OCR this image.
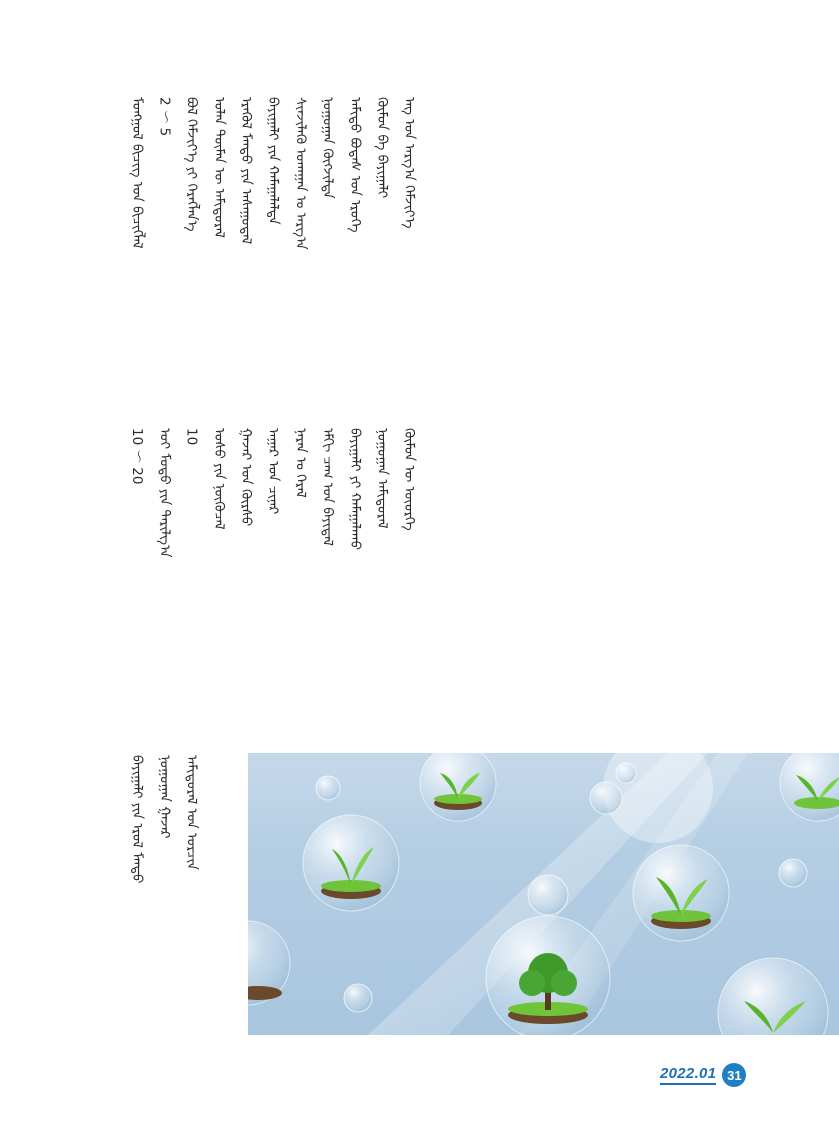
ᠮᠣᠩᠭᠣᠯ ᠪᠢᠴᠢᠭ᠌ ᠤᠨ ᠪᠢᠴᠢᠭᠯᠡᠯ 2 ～ 5 ᠪᠣᠯ ᠬᠡᠮᠵᠢᠶ᠎ᠡ ᠶᠢ ᠬᠡᠷᠡᠭᠯᠡᠨ᠎ᠡ ᠣᠯᠠᠨ ᠲᠦᠮᠡᠨ ᠦ ᠠᠮᠢᠳᠤᠷᠠᠯ ᠡᠷᠡᠬᠦᠯ ᠮᠡᠨᠳᠦ ᠶᠢᠨ ᠠᠰᠠᠭᠤᠳᠠᠯ ᠪᠠᠶᠢᠭᠠᠯᠢ ᠶᠢᠨ ᠬᠠᠮᠠᠭᠠᠯᠠᠯᠲᠠ ᠰᠢᠨᠵᠢᠯᠡᠬᠦ ᠤᠬᠠᠭᠠᠨ ᠤ ᠠᠷᠭ᠎ᠠ ᠨᠣᠭᠣᠭᠠᠨ ᠬᠥᠭᠵᠢᠯᠲᠡ ᠠᠮᠢᠳᠤ ᠪᠣᠳᠠᠰ ᠤᠨ ᠡᠷᠦᠬᠡ ᠬᠦᠮᠦᠨ ᠪᠠ ᠪᠠᠶᠢᠭᠠᠯᠢ ᠡᠩ ᠤᠨ ᠠᠷᠭ᠎ᠠ ᠬᠡᠮᠵᠢᠶ᠎ᠡ
10 ～ 20 ᠣᠢ ᠮᠣᠳᠣ ᠶᠢᠨ ᠲᠠᠷᠢᠯᠭ᠎ᠠ 10 ᠤᠰᠤ ᠶᠢᠨ ᠨᠥᠬᠥᠴᠡᠯ ᠭᠠᠵᠠᠷ ᠤᠨ ᠬᠥᠷᠰᠦ ᠠᠭᠠᠷ ᠤᠨ ᠴᠢᠨᠠᠷ ᠨᠠᠷᠠᠨ ᠤ ᠭᠡᠷᠡᠯ ᠡᠮᠬᠢ ᠴᠠᠭ ᠤᠨ ᠪᠠᠶᠢᠳᠠᠯ ᠪᠠᠶᠢᠭᠠᠯᠢ ᠶᠢ ᠬᠠᠮᠠᠭᠠᠯᠠᠬᠤ ᠨᠣᠭᠣᠭᠠᠨ ᠠᠮᠢᠳᠤᠷᠠᠯ ᠬᠦᠮᠦᠨ ᠦ ᠦᠦᠷᠭᠡ
ᠪᠠᠶᠢᠭᠠᠯᠢ ᠶᠢᠨ ᠡᠷᠦᠯ ᠮᠡᠨᠳᠦ ᠨᠣᠭᠣᠭᠠᠨ ᠭᠠᠵᠠᠷ ᠠᠮᠢᠳᠤᠷᠠᠯ ᠤᠨ ᠣᠷᠴᠢᠨ
2022.01 31
